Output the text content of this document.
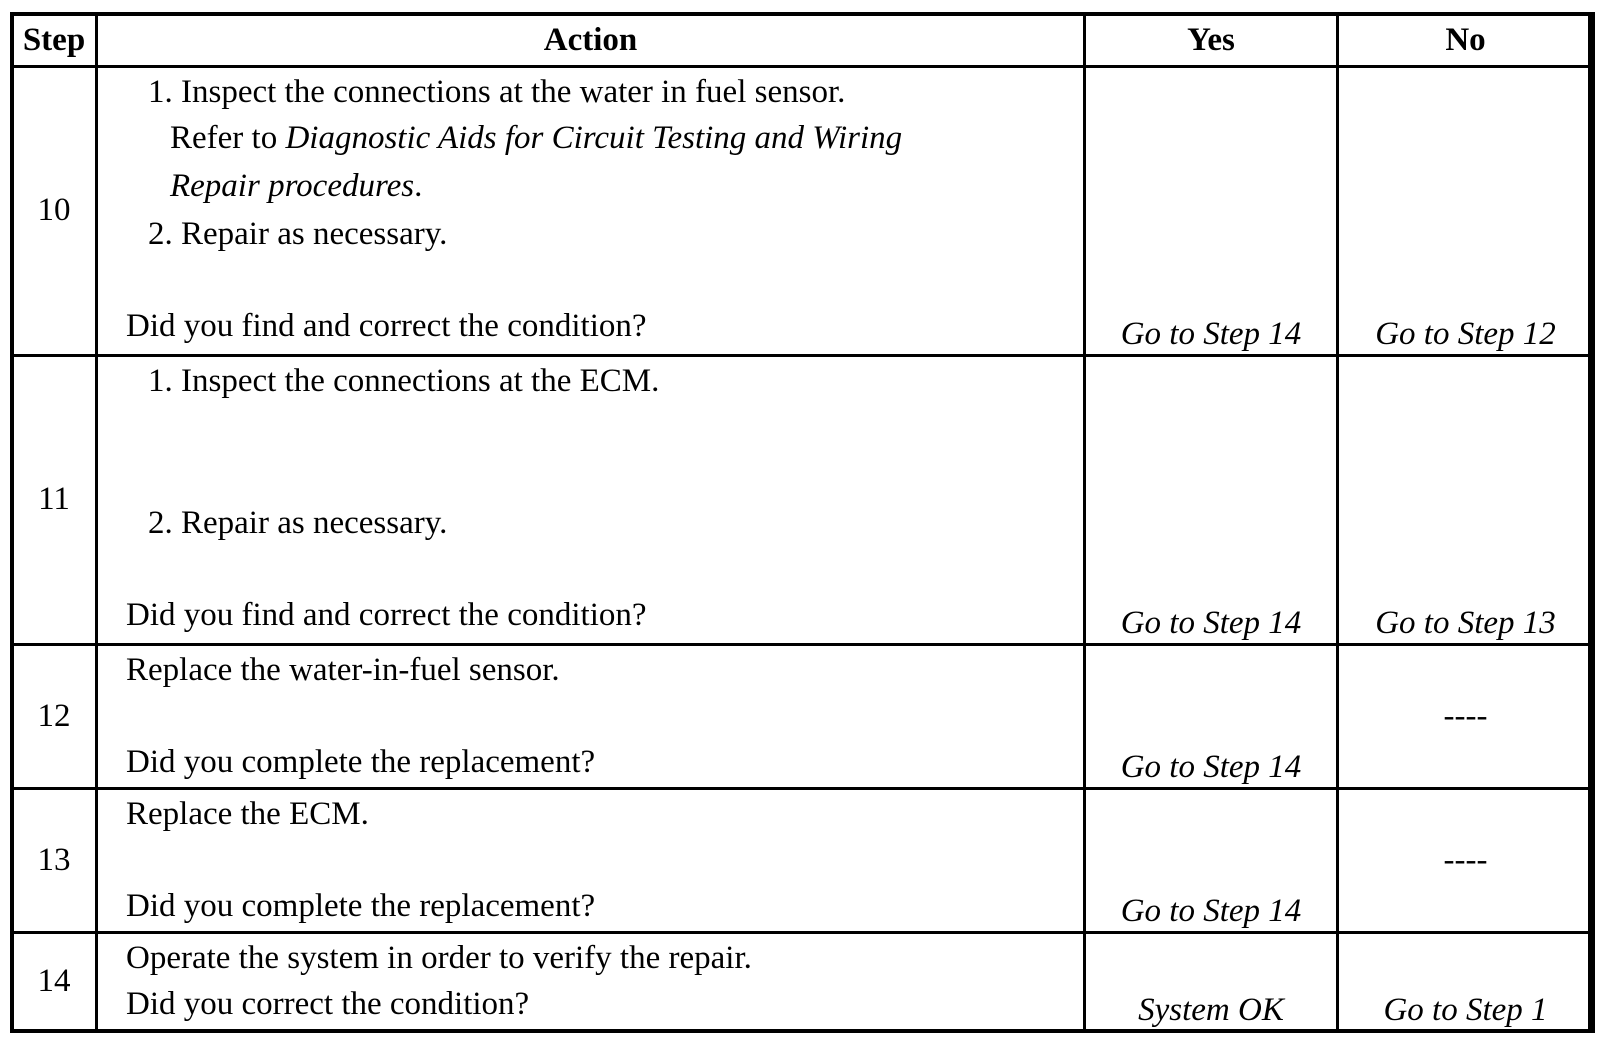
Step	Action	Yes	No
10	1. Inspect the connections at the water in fuel sensor.
Refer to Diagnostic Aids for Circuit Testing and Wiring
Repair procedures.
2. Repair as necessary.
Did you find and correct the condition?	Go to Step 14	Go to Step 12

11	1. Inspect the connections at the ECM.
2. Repair as necessary.
Did you find and correct the condition?	Go to Step 14	Go to Step 13

12	Replace the water-in-fuel sensor.
Did you complete the replacement?	Go to Step 14	----

13	Replace the ECM.
Did you complete the replacement?	Go to Step 14	----

14	Operate the system in order to verify the repair.
Did you correct the condition?	System OK	Go to Step 1
